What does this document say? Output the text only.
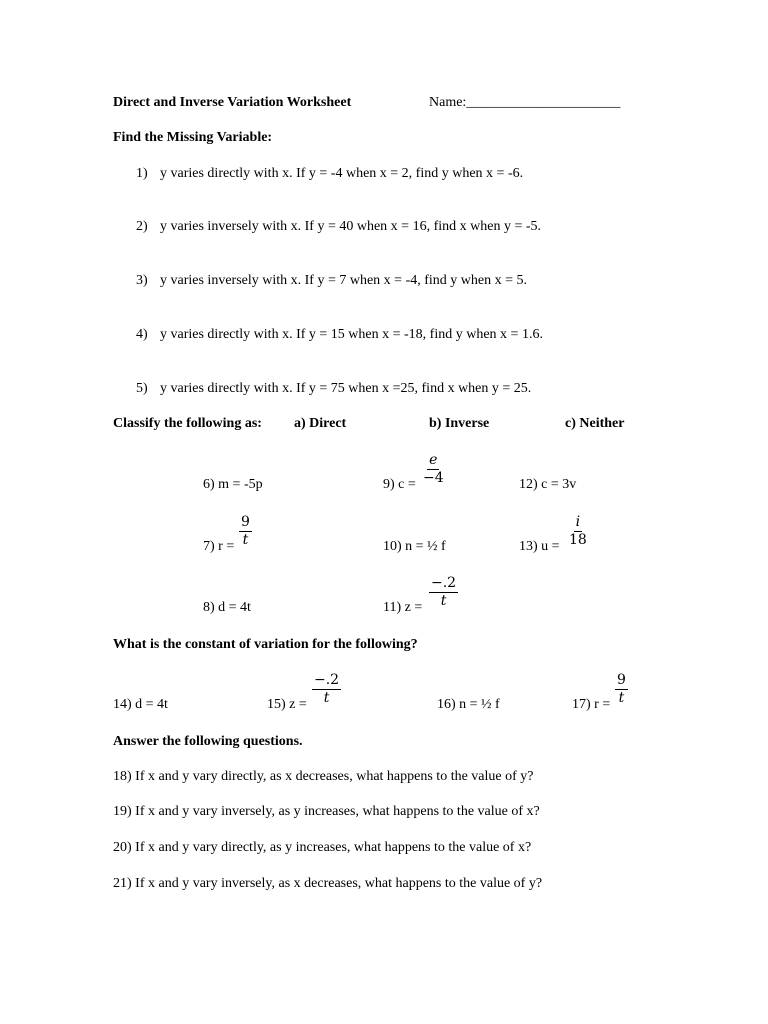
Direct and Inverse Variation Worksheet	Name:______________________
Find the Missing Variable:
1) y varies directly with x. If y = -4 when x = 2, find y when x = -6.
2) y varies inversely with x. If y = 40 when x = 16, find x when y = -5.
3) y varies inversely with x. If y = 7 when x = -4, find y when x = 5.
4) y varies directly with x. If y = 15 when x = -18, find y when x = 1.6.
5) y varies directly with x. If y = 75 when x =25, find x when y = 25.
Classify the following as: a) Direct	b) Inverse	c) Neither
6) m = -5p	9) $c = \frac{e}{-4}$	12) c = 3v
7) $r = \frac{9}{t}$	10) n = ½ f	13) $u = \frac{i}{18}$
8) d = 4t	11) $z = \frac{-.2}{t}$
What is the constant of variation for the following?
14) d = 4t	15) $z = \frac{-.2}{t}$	16) n = ½ f	17) $r = \frac{9}{t}$
Answer the following questions.
18) If x and y vary directly, as x decreases, what happens to the value of y?
19) If x and y vary inversely, as y increases, what happens to the value of x?
20) If x and y vary directly, as y increases, what happens to the value of x?
21) If x and y vary inversely, as x decreases, what happens to the value of y?
